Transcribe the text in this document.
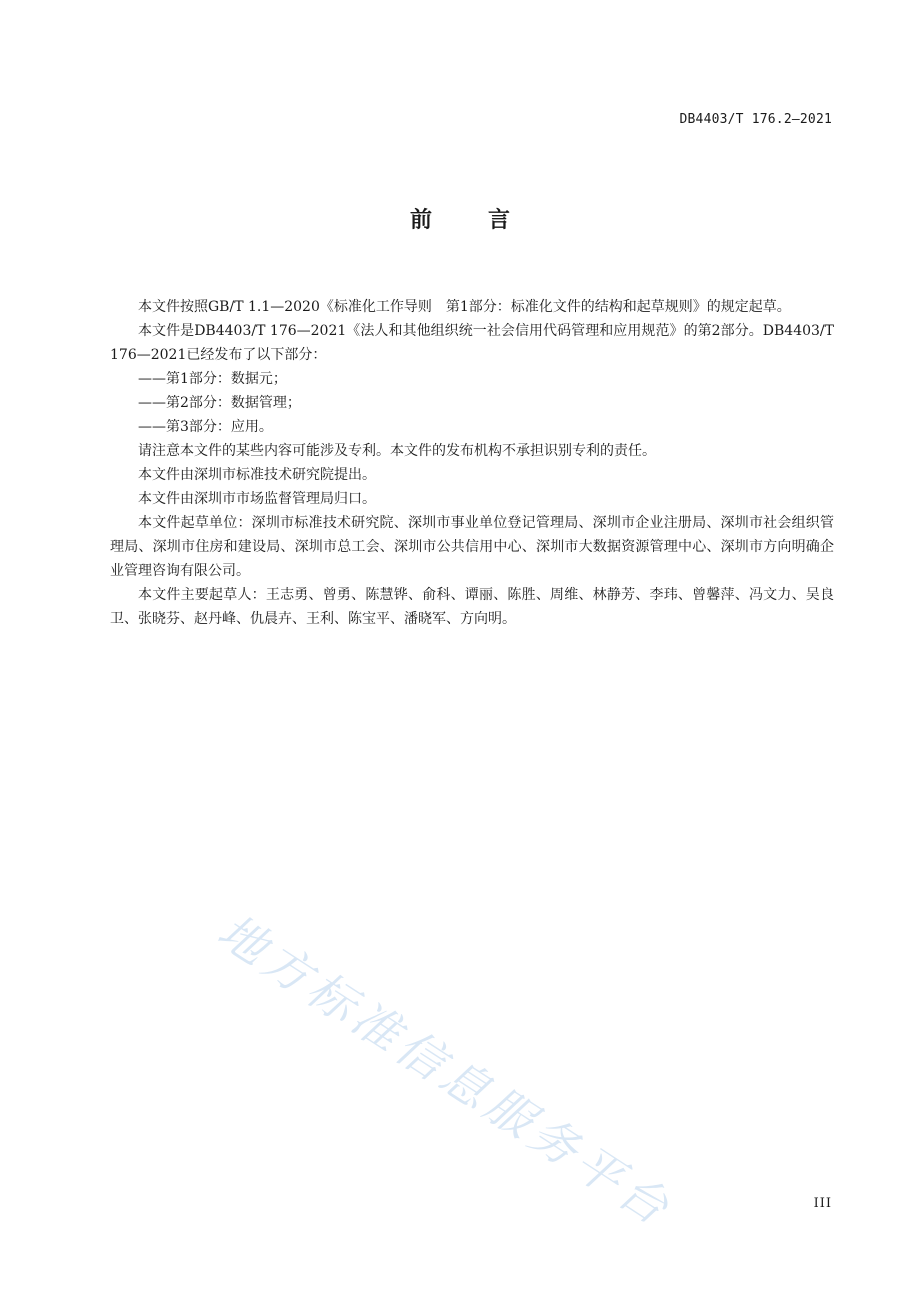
DB4403/T 176.2—2021
前言

本文件按照GB/T 1.1—2020《标准化工作导则　第1部分：标准化文件的结构和起草规则》的规定起草。

本文件是DB4403/T 176—2021《法人和其他组织统一社会信用代码管理和应用规范》的第2部分。DB4403/T 176—2021已经发布了以下部分：

——第1部分：数据元；

——第2部分：数据管理；

——第3部分：应用。

请注意本文件的某些内容可能涉及专利。本文件的发布机构不承担识别专利的责任。

本文件由深圳市标准技术研究院提出。

本文件由深圳市市场监督管理局归口。

本文件起草单位：深圳市标准技术研究院、深圳市事业单位登记管理局、深圳市企业注册局、深圳市社会组织管理局、深圳市住房和建设局、深圳市总工会、深圳市公共信用中心、深圳市大数据资源管理中心、深圳市方向明确企业管理咨询有限公司。

本文件主要起草人：王志勇、曾勇、陈慧铧、俞科、谭丽、陈胜、周维、林静芳、李玮、曾馨萍、冯文力、吴良卫、张晓芬、赵丹峰、仇晨卉、王利、陈宝平、潘晓军、方向明。

地方标准信息服务平台	III
